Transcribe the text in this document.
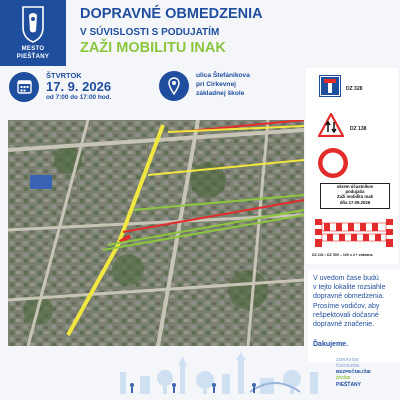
MESTO
PIEŠŤANY
DOPRAVNÉ OBMEDZENIA
V SÚVISLOSTI S PODUJATÍM
ZAŽI MOBILITU INAK
ŠTVRTOK
17. 9. 2026
od 7:00 do 17:00 hod.
ulica Štefánikova
pri Cirkevnej
základnej škole
DZ 328
DZ 138
okrem účastníkov
podujatia
Zaži mobilitu inak
dňa 17.09.2026
DZ 231 • DZ 509 – 100 x 4 + zábrana
V uvedom čase budú
v tejto lokalite rozsiahle
dopravné obmedzenia.
Prosíme vodičov, aby
rešpektovali dočasné
dopravné značenie.
Ďakujeme.
ZDRAVŠIE
ČISTEJŠIE
BEZPEČNEJŠIE
ŽIVŠIE
PIEŠŤANY
